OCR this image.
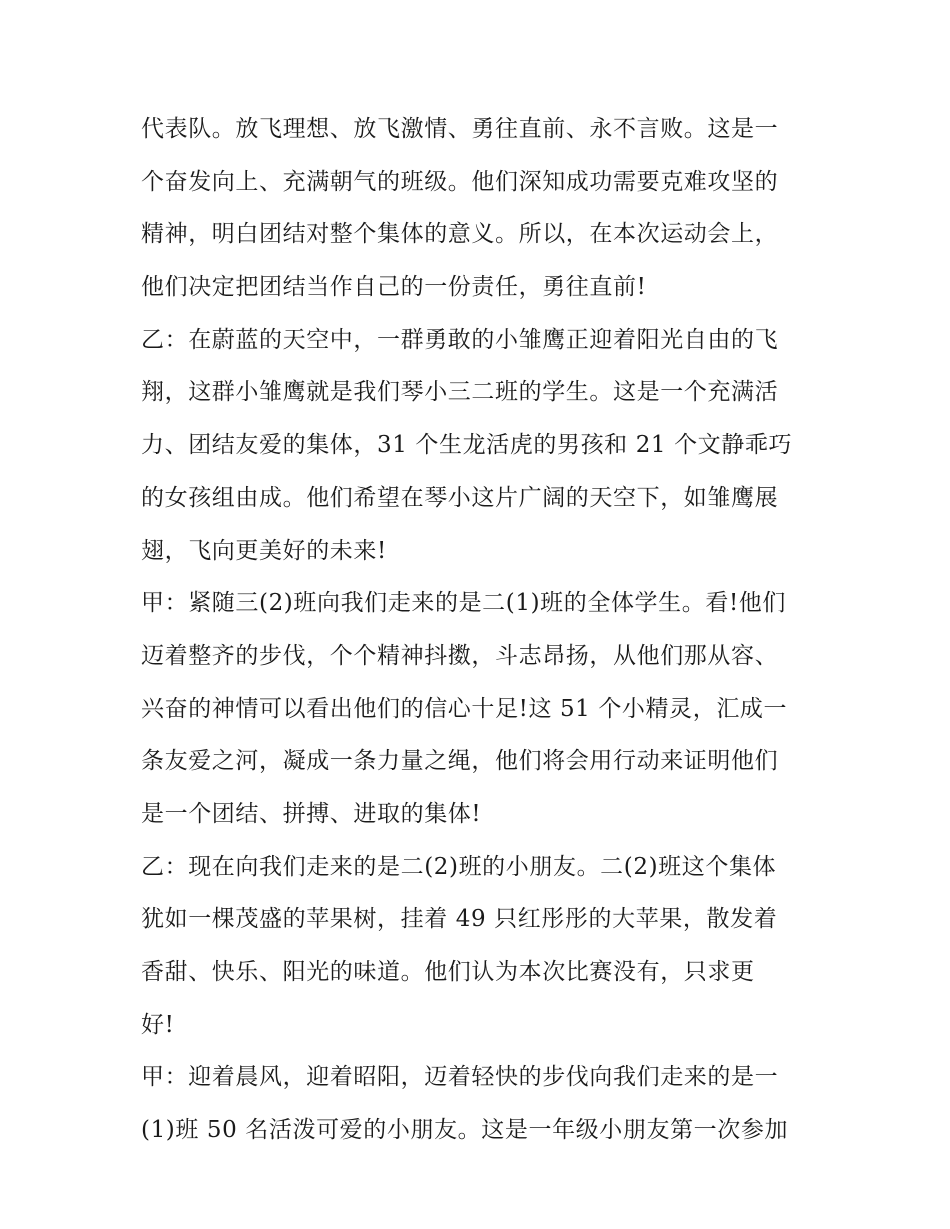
代表队。放飞理想、放飞激情、勇往直前、永不言败。这是一
个奋发向上、充满朝气的班级。他们深知成功需要克难攻坚的
精神，明白团结对整个集体的意义。所以，在本次运动会上，
他们决定把团结当作自己的一份责任，勇往直前!
乙：在蔚蓝的天空中，一群勇敢的小雏鹰正迎着阳光自由的飞
翔，这群小雏鹰就是我们琴小三二班的学生。这是一个充满活
力、团结友爱的集体，31 个生龙活虎的男孩和 21 个文静乖巧
的女孩组由成。他们希望在琴小这片广阔的天空下，如雏鹰展
翅，飞向更美好的未来!
甲：紧随三(2)班向我们走来的是二(1)班的全体学生。看!他们
迈着整齐的步伐，个个精神抖擞，斗志昂扬，从他们那从容、
兴奋的神情可以看出他们的信心十足!这 51 个小精灵，汇成一
条友爱之河，凝成一条力量之绳，他们将会用行动来证明他们
是一个团结、拼搏、进取的集体!
乙：现在向我们走来的是二(2)班的小朋友。二(2)班这个集体
犹如一棵茂盛的苹果树，挂着 49 只红彤彤的大苹果，散发着
香甜、快乐、阳光的味道。他们认为本次比赛没有，只求更
好!
甲：迎着晨风，迎着昭阳，迈着轻快的步伐向我们走来的是一
(1)班 50 名活泼可爱的小朋友。这是一年级小朋友第一次参加
